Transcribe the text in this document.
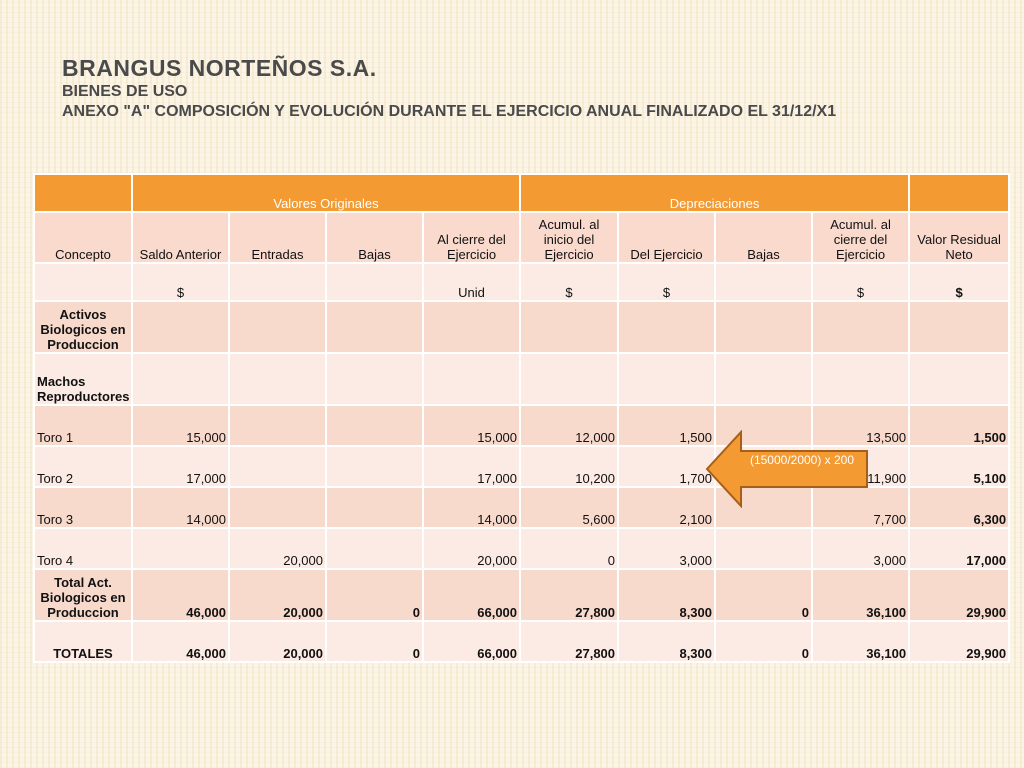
BRANGUS NORTEÑOS S.A.
BIENES DE USO
ANEXO "A" COMPOSICIÓN Y EVOLUCIÓN DURANTE EL EJERCICIO ANUAL FINALIZADO EL 31/12/X1
	Valores Originales				Depreciaciones				
Concepto	Saldo Anterior	Entradas	Bajas	Al cierre del Ejercicio	Acumul. al inicio del Ejercicio	Del Ejercicio	Bajas	Acumul. al cierre del Ejercicio	Valor Residual Neto
	$			Unid	$	$		$	$
Activos Biologicos en Produccion									
Machos Reproductores									
Toro 1	15,000			15,000	12,000	1,500		13,500	1,500
Toro 2	17,000			17,000	10,200	1,700		11,900	5,100
Toro 3	14,000			14,000	5,600	2,100		7,700	6,300
Toro 4		20,000		20,000	0	3,000		3,000	17,000
Total Act. Biologicos en Produccion	46,000	20,000	0	66,000	27,800	8,300	0	36,100	29,900
TOTALES	46,000	20,000	0	66,000	27,800	8,300	0	36,100	29,900
(15000/2000) x 200
